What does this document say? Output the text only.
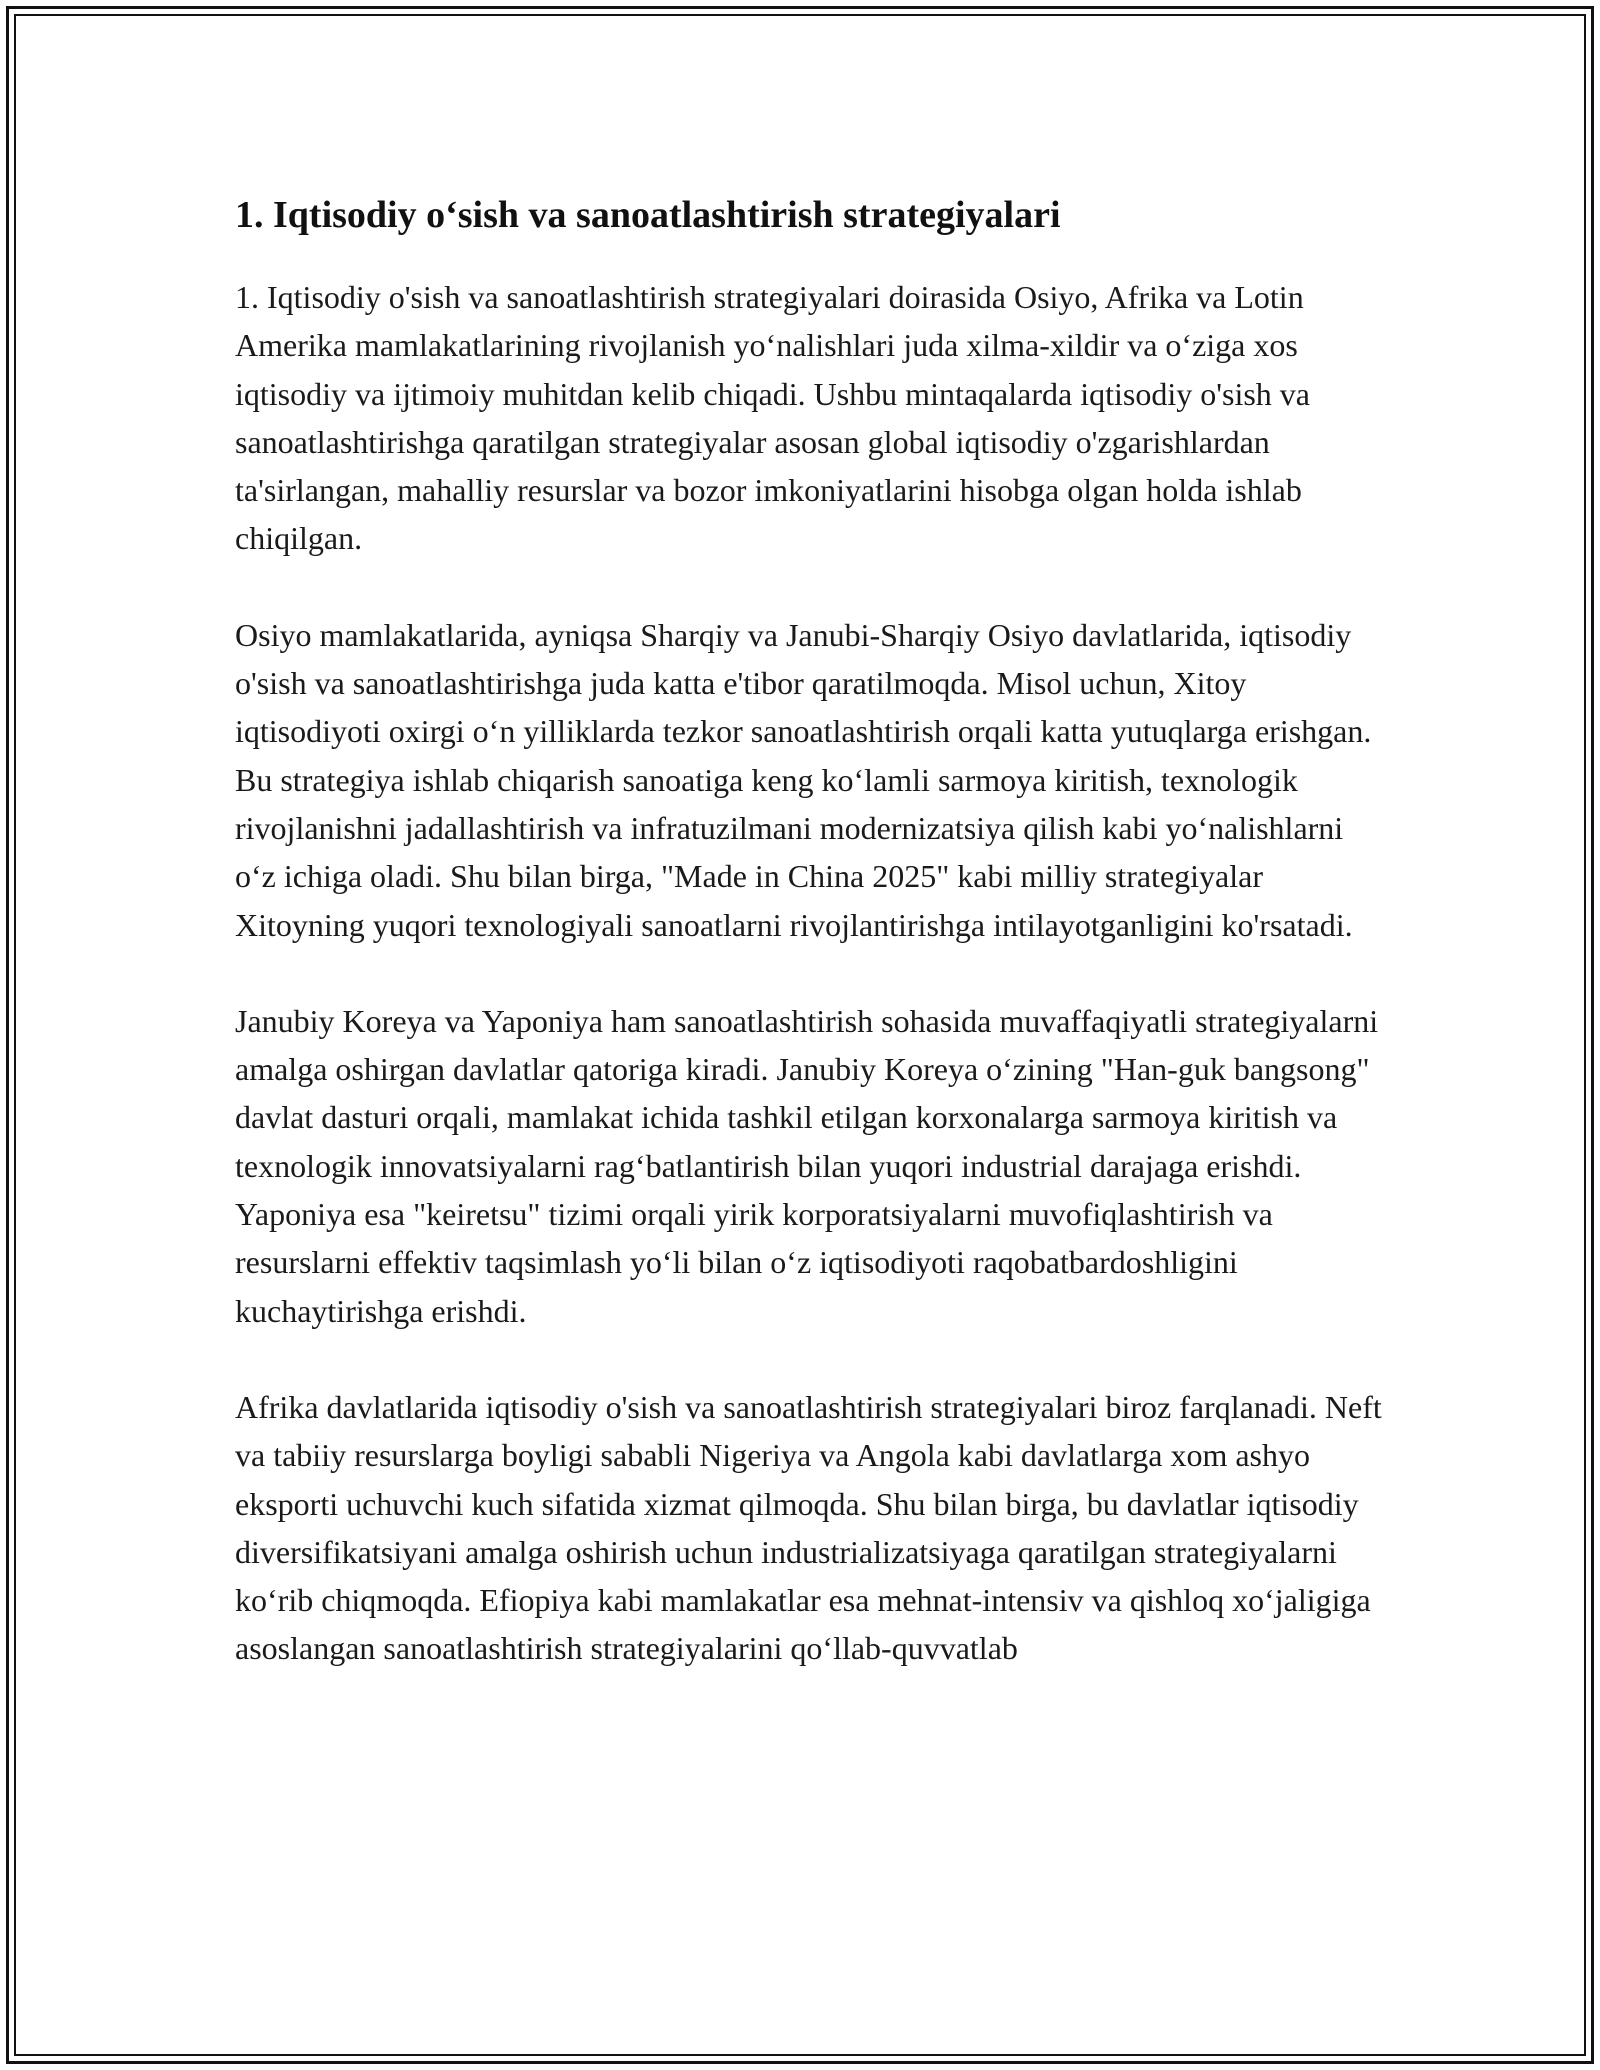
1. Iqtisodiy o‘sish va sanoatlashtirish strategiyalari

1. Iqtisodiy o'sish va sanoatlashtirish strategiyalari doirasida Osiyo, Afrika va Lotin Amerika mamlakatlarining rivojlanish yo‘nalishlari juda xilma-xildir va o‘ziga xos iqtisodiy va ijtimoiy muhitdan kelib chiqadi. Ushbu mintaqalarda iqtisodiy o'sish va sanoatlashtirishga qaratilgan strategiyalar asosan global iqtisodiy o'zgarishlardan ta'sirlangan, mahalliy resurslar va bozor imkoniyatlarini hisobga olgan holda ishlab chiqilgan.

Osiyo mamlakatlarida, ayniqsa Sharqiy va Janubi-Sharqiy Osiyo davlatlarida, iqtisodiy o'sish va sanoatlashtirishga juda katta e'tibor qaratilmoqda. Misol uchun, Xitoy iqtisodiyoti oxirgi o‘n yilliklarda tezkor sanoatlashtirish orqali katta yutuqlarga erishgan. Bu strategiya ishlab chiqarish sanoatiga keng ko‘lamli sarmoya kiritish, texnologik rivojlanishni jadallashtirish va infratuzilmani modernizatsiya qilish kabi yo‘nalishlarni o‘z ichiga oladi. Shu bilan birga, "Made in China 2025" kabi milliy strategiyalar Xitoyning yuqori texnologiyali sanoatlarni rivojlantirishga intilayotganligini ko'rsatadi.

Janubiy Koreya va Yaponiya ham sanoatlashtirish sohasida muvaffaqiyatli strategiyalarni amalga oshirgan davlatlar qatoriga kiradi. Janubiy Koreya o‘zining "Han-guk bangsong" davlat dasturi orqali, mamlakat ichida tashkil etilgan korxonalarga sarmoya kiritish va texnologik innovatsiyalarni rag‘batlantirish bilan yuqori industrial darajaga erishdi. Yaponiya esa "keiretsu" tizimi orqali yirik korporatsiyalarni muvofiqlashtirish va resurslarni effektiv taqsimlash yo‘li bilan o‘z iqtisodiyoti raqobatbardoshligini kuchaytirishga erishdi.

Afrika davlatlarida iqtisodiy o'sish va sanoatlashtirish strategiyalari biroz farqlanadi. Neft va tabiiy resurslarga boyligi sababli Nigeriya va Angola kabi davlatlarga xom ashyo eksporti uchuvchi kuch sifatida xizmat qilmoqda. Shu bilan birga, bu davlatlar iqtisodiy diversifikatsiyani amalga oshirish uchun industrializatsiyaga qaratilgan strategiyalarni ko‘rib chiqmoqda. Efiopiya kabi mamlakatlar esa mehnat-intensiv va qishloq xo‘jaligiga asoslangan sanoatlashtirish strategiyalarini qo‘llab-quvvatlab
